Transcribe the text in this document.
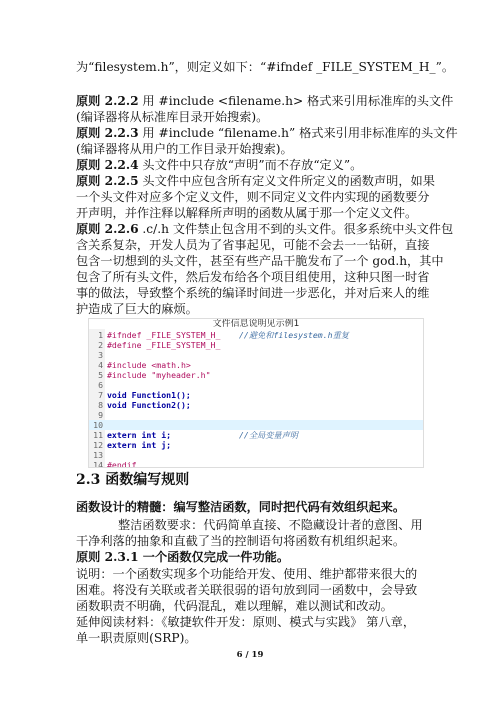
为“filesystem.h”，则定义如下：“#ifndef _FILE_SYSTEM_H_”。
原则 2.2.2 用 #include <filename.h> 格式来引用标准库的头文件
(编译器将从标准库目录开始搜索)。
原则 2.2.3 用 #include “filename.h” 格式来引用非标准库的头文件
(编译器将从用户的工作目录开始搜索)。
原则 2.2.4 头文件中只存放“声明”而不存放“定义”。
原则 2.2.5 头文件中应包含所有定义文件所定义的函数声明，如果
一个头文件对应多个定义文件，则不同定义文件内实现的函数要分
开声明，并作注释以解释所声明的函数从属于那一个定义文件。
原则 2.2.6 .c/.h 文件禁止包含用不到的头文件。很多系统中头文件包
含关系复杂，开发人员为了省事起见，可能不会去一一钻研，直接
包含一切想到的头文件，甚至有些产品干脆发布了一个 god.h，其中
包含了所有头文件，然后发布给各个项目组使用，这种只图一时省
事的做法，导致整个系统的编译时间进一步恶化，并对后来人的维
护造成了巨大的麻烦。
文件信息说明见示例1
1 #ifndef _FILE_SYSTEM_H_ //避免和filesystem.h重复
2 #define _FILE_SYSTEM_H_
3
4 #include <math.h>
5 #include "myheader.h"
6
7 void Function1();
8 void Function2();
9
10
11 extern int i;	//全局变量声明
12 extern int j;
13
14 #endif
2.3 函数编写规则
函数设计的精髓：编写整洁函数，同时把代码有效组织起来。
整洁函数要求：代码简单直接、不隐藏设计者的意图、用
干净利落的抽象和直截了当的控制语句将函数有机组织起来。
原则 2.3.1 一个函数仅完成一件功能。
说明：一个函数实现多个功能给开发、使用、维护都带来很大的
困难。将没有关联或者关联很弱的语句放到同一函数中，会导致
函数职责不明确，代码混乱，难以理解，难以测试和改动。
延伸阅读材料：《敏捷软件开发：原则、模式与实践》 第八章，
单一职责原则(SRP)。
6 / 19
